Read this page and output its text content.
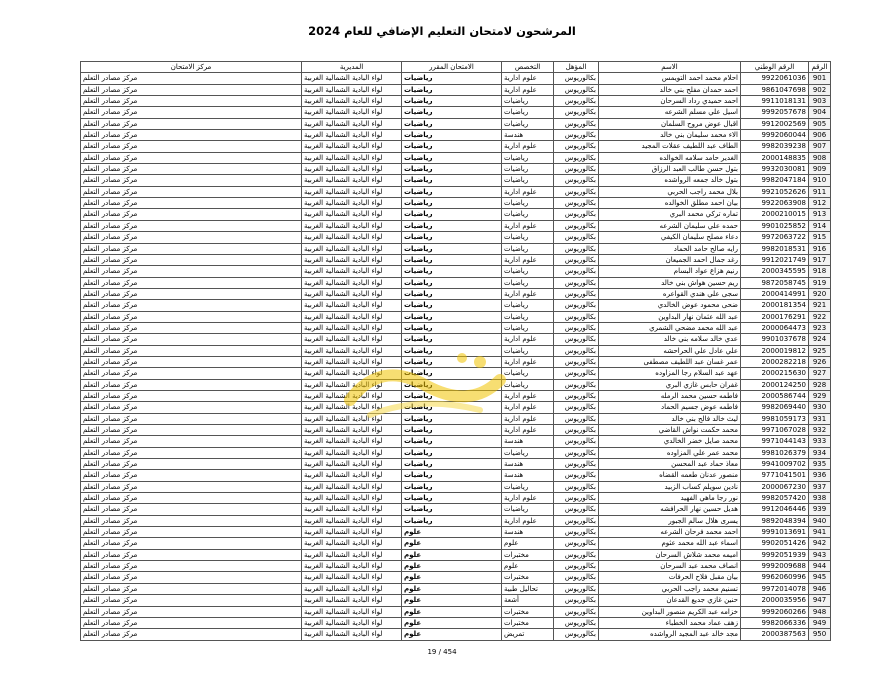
المرشحون لامتحان التعليم الإضافي للعام 2024
الرقم	الرقم الوطني	الاسم	المؤهل	التخصص	الامتحان المقرر	المديرية	مركز الامتحان
901	9922061036	احلام محمد احمد التويمس	بكالوريوس	علوم ادارية	رياضيات	لواء البادية الشمالية الغربية	مركز مصادر التعلم
902	9861047698	احمد حمدان مفلح بني خالد	بكالوريوس	علوم ادارية	رياضيات	لواء البادية الشمالية الغربية	مركز مصادر التعلم
903	9911018131	احمد حميدي رداد السرحان	بكالوريوس	رياضيات	رياضيات	لواء البادية الشمالية الغربية	مركز مصادر التعلم
904	9992057678	اسيل علي مسلم الشرعه	بكالوريوس	رياضيات	رياضيات	لواء البادية الشمالية الغربية	مركز مصادر التعلم
905	9912002569	اقبال عوض مروح السلمان	بكالوريوس	رياضيات	رياضيات	لواء البادية الشمالية الغربية	مركز مصادر التعلم
906	9992060044	الاء محمد سليمان بني خالد	بكالوريوس	هندسة	رياضيات	لواء البادية الشمالية الغربية	مركز مصادر التعلم
907	9982039238	الطاف عبد اللطيف عقلات المجيد	بكالوريوس	علوم ادارية	رياضيات	لواء البادية الشمالية الغربية	مركز مصادر التعلم
908	2000148835	الغدير حامد سلامه الخوالده	بكالوريوس	رياضيات	رياضيات	لواء البادية الشمالية الغربية	مركز مصادر التعلم
909	9932030081	بتول حسن طالب العبد الرزاق	بكالوريوس	رياضيات	رياضيات	لواء البادية الشمالية الغربية	مركز مصادر التعلم
910	9982047184	بتول خالد جمعه الرواشده	بكالوريوس	رياضيات	رياضيات	لواء البادية الشمالية الغربية	مركز مصادر التعلم
911	9921052626	بلال محمد راجب الحربي	بكالوريوس	علوم ادارية	رياضيات	لواء البادية الشمالية الغربية	مركز مصادر التعلم
912	9922063908	بيان احمد مطلق الخوالده	بكالوريوس	رياضيات	رياضيات	لواء البادية الشمالية الغربية	مركز مصادر التعلم
913	2000210015	تماره تركي محمد البري	بكالوريوس	رياضيات	رياضيات	لواء البادية الشمالية الغربية	مركز مصادر التعلم
914	9901025852	حمده علي سليمان الشرعه	بكالوريوس	علوم ادارية	رياضيات	لواء البادية الشمالية الغربية	مركز مصادر التعلم
915	9972063722	دعاء مصلح سليمان الكيفي	بكالوريوس	رياضيات	رياضيات	لواء البادية الشمالية الغربية	مركز مصادر التعلم
916	9982018531	رايه صالح حامد الحماد	بكالوريوس	رياضيات	رياضيات	لواء البادية الشمالية الغربية	مركز مصادر التعلم
917	9912021749	رغد جمال احمد الجميعان	بكالوريوس	علوم ادارية	رياضيات	لواء البادية الشمالية الغربية	مركز مصادر التعلم
918	2000345595	رنيم هزاع عواد البسام	بكالوريوس	رياضيات	رياضيات	لواء البادية الشمالية الغربية	مركز مصادر التعلم
919	9872058745	ريم حسين هواش بني خالد	بكالوريوس	رياضيات	رياضيات	لواء البادية الشمالية الغربية	مركز مصادر التعلم
920	2000414991	سجى علي هندي القواعره	بكالوريوس	علوم ادارية	رياضيات	لواء البادية الشمالية الغربية	مركز مصادر التعلم
921	2000181354	ضحى محمود عوض الخالدي	بكالوريوس	رياضيات	رياضيات	لواء البادية الشمالية الغربية	مركز مصادر التعلم
922	2000176291	عبد الله عثمان نهار البداوين	بكالوريوس	رياضيات	رياضيات	لواء البادية الشمالية الغربية	مركز مصادر التعلم
923	2000064473	عبد الله محمد مضحي الشمري	بكالوريوس	رياضيات	رياضيات	لواء البادية الشمالية الغربية	مركز مصادر التعلم
924	9901037678	عدي خالد سلامه بني خالد	بكالوريوس	علوم ادارية	رياضيات	لواء البادية الشمالية الغربية	مركز مصادر التعلم
925	2000019812	علي عادل علي الحراحشه	بكالوريوس	رياضيات	رياضيات	لواء البادية الشمالية الغربية	مركز مصادر التعلم
926	2000282218	عمر غسان عبد اللطيف مصطفى	بكالوريوس	علوم ادارية	رياضيات	لواء البادية الشمالية الغربية	مركز مصادر التعلم
927	2000215630	عهد عبد السلام رجا المزاوده	بكالوريوس	رياضيات	رياضيات	لواء البادية الشمالية الغربية	مركز مصادر التعلم
928	2000124250	غفران حابس غازي البري	بكالوريوس	رياضيات	رياضيات	لواء البادية الشمالية الغربية	مركز مصادر التعلم
929	2000586744	فاطمه حسين محمد الرمله	بكالوريوس	علوم ادارية	رياضيات	لواء البادية الشمالية الغربية	مركز مصادر التعلم
930	9982069440	فاطمه عوض جسيم الحماد	بكالوريوس	علوم ادارية	رياضيات	لواء البادية الشمالية الغربية	مركز مصادر التعلم
931	9981059173	ليث خالد فالح بني خالد	بكالوريوس	علوم ادارية	رياضيات	لواء البادية الشمالية الغربية	مركز مصادر التعلم
932	9971067028	محمد حكمت نواش القاضي	بكالوريوس	علوم ادارية	رياضيات	لواء البادية الشمالية الغربية	مركز مصادر التعلم
933	9971044143	محمد صايل خضر الخالدي	بكالوريوس	هندسة	رياضيات	لواء البادية الشمالية الغربية	مركز مصادر التعلم
934	9981026379	محمد عمر علي المزاوده	بكالوريوس	رياضيات	رياضيات	لواء البادية الشمالية الغربية	مركز مصادر التعلم
935	9941009702	معاذ حماد عبد المحسن	بكالوريوس	هندسة	رياضيات	لواء البادية الشمالية الغربية	مركز مصادر التعلم
936	9771041501	منصور عدنان طعمه القضاه	بكالوريوس	هندسة	رياضيات	لواء البادية الشمالية الغربية	مركز مصادر التعلم
937	2000067230	نادين سويلم كساب الزبيد	بكالوريوس	رياضيات	رياضيات	لواء البادية الشمالية الغربية	مركز مصادر التعلم
938	9982057420	نور رجا ماهي الفهيد	بكالوريوس	علوم ادارية	رياضيات	لواء البادية الشمالية الغربية	مركز مصادر التعلم
939	9912046446	هديل حسين نهار الحرافشه	بكالوريوس	رياضيات	رياضيات	لواء البادية الشمالية الغربية	مركز مصادر التعلم
940	9892048394	يسرى هلال سالم الجبور	بكالوريوس	علوم ادارية	رياضيات	لواء البادية الشمالية الغربية	مركز مصادر التعلم
941	9991013691	احمد محمد فرحان الشرعه	بكالوريوس	هندسة	علوم	لواء البادية الشمالية الغربية	مركز مصادر التعلم
942	9902051426	اسماء عبد الله محمد عثوم	بكالوريوس	علوم	علوم	لواء البادية الشمالية الغربية	مركز مصادر التعلم
943	9992051939	اميمه محمد شلاش السرحان	بكالوريوس	مختبرات	علوم	لواء البادية الشمالية الغربية	مركز مصادر التعلم
944	9992009688	انصاف محمد عبد السرحان	بكالوريوس	علوم	علوم	لواء البادية الشمالية الغربية	مركز مصادر التعلم
945	9962060996	بيان مقبل فلاح الحرفات	بكالوريوس	مختبرات	علوم	لواء البادية الشمالية الغربية	مركز مصادر التعلم
946	9972014078	تسنيم محمد راجب الحربي	بكالوريوس	تحاليل طبية	علوم	لواء البادية الشمالية الغربية	مركز مصادر التعلم
947	2000035956	حنين غازي جديع القدعان	بكالوريوس	أشعة	علوم	لواء البادية الشمالية الغربية	مركز مصادر التعلم
948	9992060266	خزامه عبد الكريم منصور البداوين	بكالوريوس	مختبرات	علوم	لواء البادية الشمالية الغربية	مركز مصادر التعلم
949	9982066336	زهف عماد محمد الخطباء	بكالوريوس	مختبرات	علوم	لواء البادية الشمالية الغربية	مركز مصادر التعلم
950	2000387563	مجد خالد عبد المجيد الرواشده	بكالوريوس	تمريض	علوم	لواء البادية الشمالية الغربية	مركز مصادر التعلم
19 / 454
